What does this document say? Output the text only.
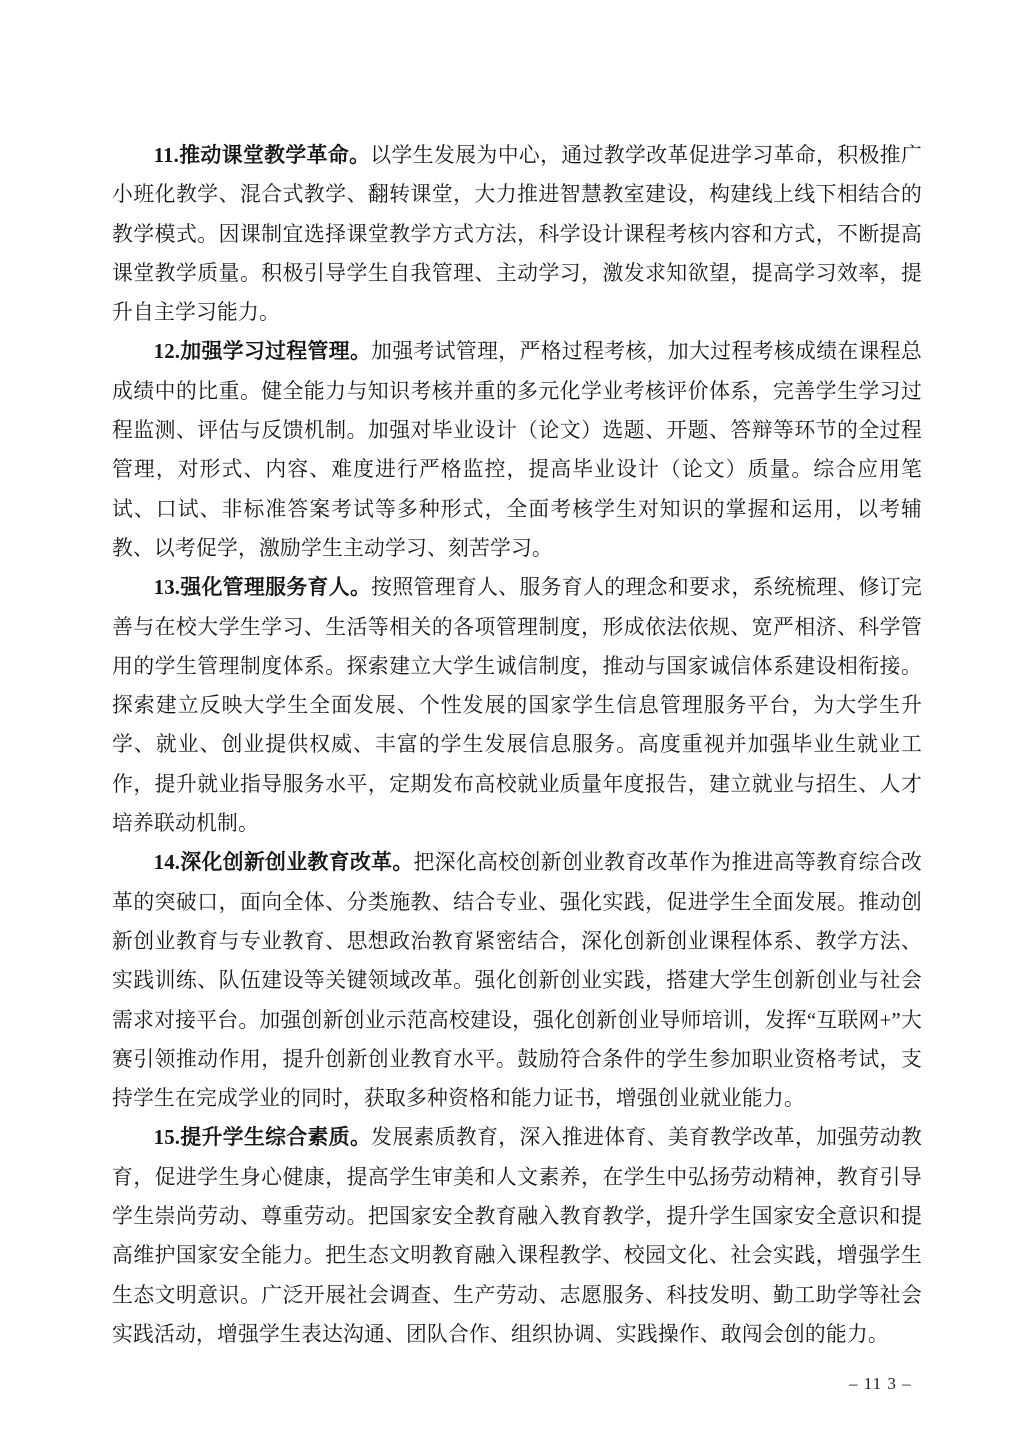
11.推动课堂教学革命。以学生发展为中心，通过教学改革促进学习革命，积极推广小班化教学、混合式教学、翻转课堂，大力推进智慧教室建设，构建线上线下相结合的教学模式。因课制宜选择课堂教学方式方法，科学设计课程考核内容和方式，不断提高课堂教学质量。积极引导学生自我管理、主动学习，激发求知欲望，提高学习效率，提升自主学习能力。

12.加强学习过程管理。加强考试管理，严格过程考核，加大过程考核成绩在课程总成绩中的比重。健全能力与知识考核并重的多元化学业考核评价体系，完善学生学习过程监测、评估与反馈机制。加强对毕业设计（论文）选题、开题、答辩等环节的全过程管理，对形式、内容、难度进行严格监控，提高毕业设计（论文）质量。综合应用笔试、口试、非标准答案考试等多种形式，全面考核学生对知识的掌握和运用，以考辅教、以考促学，激励学生主动学习、刻苦学习。

13.强化管理服务育人。按照管理育人、服务育人的理念和要求，系统梳理、修订完善与在校大学生学习、生活等相关的各项管理制度，形成依法依规、宽严相济、科学管用的学生管理制度体系。探索建立大学生诚信制度，推动与国家诚信体系建设相衔接。探索建立反映大学生全面发展、个性发展的国家学生信息管理服务平台，为大学生升学、就业、创业提供权威、丰富的学生发展信息服务。高度重视并加强毕业生就业工作，提升就业指导服务水平，定期发布高校就业质量年度报告，建立就业与招生、人才培养联动机制。

14.深化创新创业教育改革。把深化高校创新创业教育改革作为推进高等教育综合改革的突破口，面向全体、分类施教、结合专业、强化实践，促进学生全面发展。推动创新创业教育与专业教育、思想政治教育紧密结合，深化创新创业课程体系、教学方法、实践训练、队伍建设等关键领域改革。强化创新创业实践，搭建大学生创新创业与社会需求对接平台。加强创新创业示范高校建设，强化创新创业导师培训，发挥“互联网+”大赛引领推动作用，提升创新创业教育水平。鼓励符合条件的学生参加职业资格考试，支持学生在完成学业的同时，获取多种资格和能力证书，增强创业就业能力。

15.提升学生综合素质。发展素质教育，深入推进体育、美育教学改革，加强劳动教育，促进学生身心健康，提高学生审美和人文素养，在学生中弘扬劳动精神，教育引导学生崇尚劳动、尊重劳动。把国家安全教育融入教育教学，提升学生国家安全意识和提高维护国家安全能力。把生态文明教育融入课程教学、校园文化、社会实践，增强学生生态文明意识。广泛开展社会调查、生产劳动、志愿服务、科技发明、勤工助学等社会实践活动，增强学生表达沟通、团队合作、组织协调、实践操作、敢闯会创的能力。

– 11 3 –
